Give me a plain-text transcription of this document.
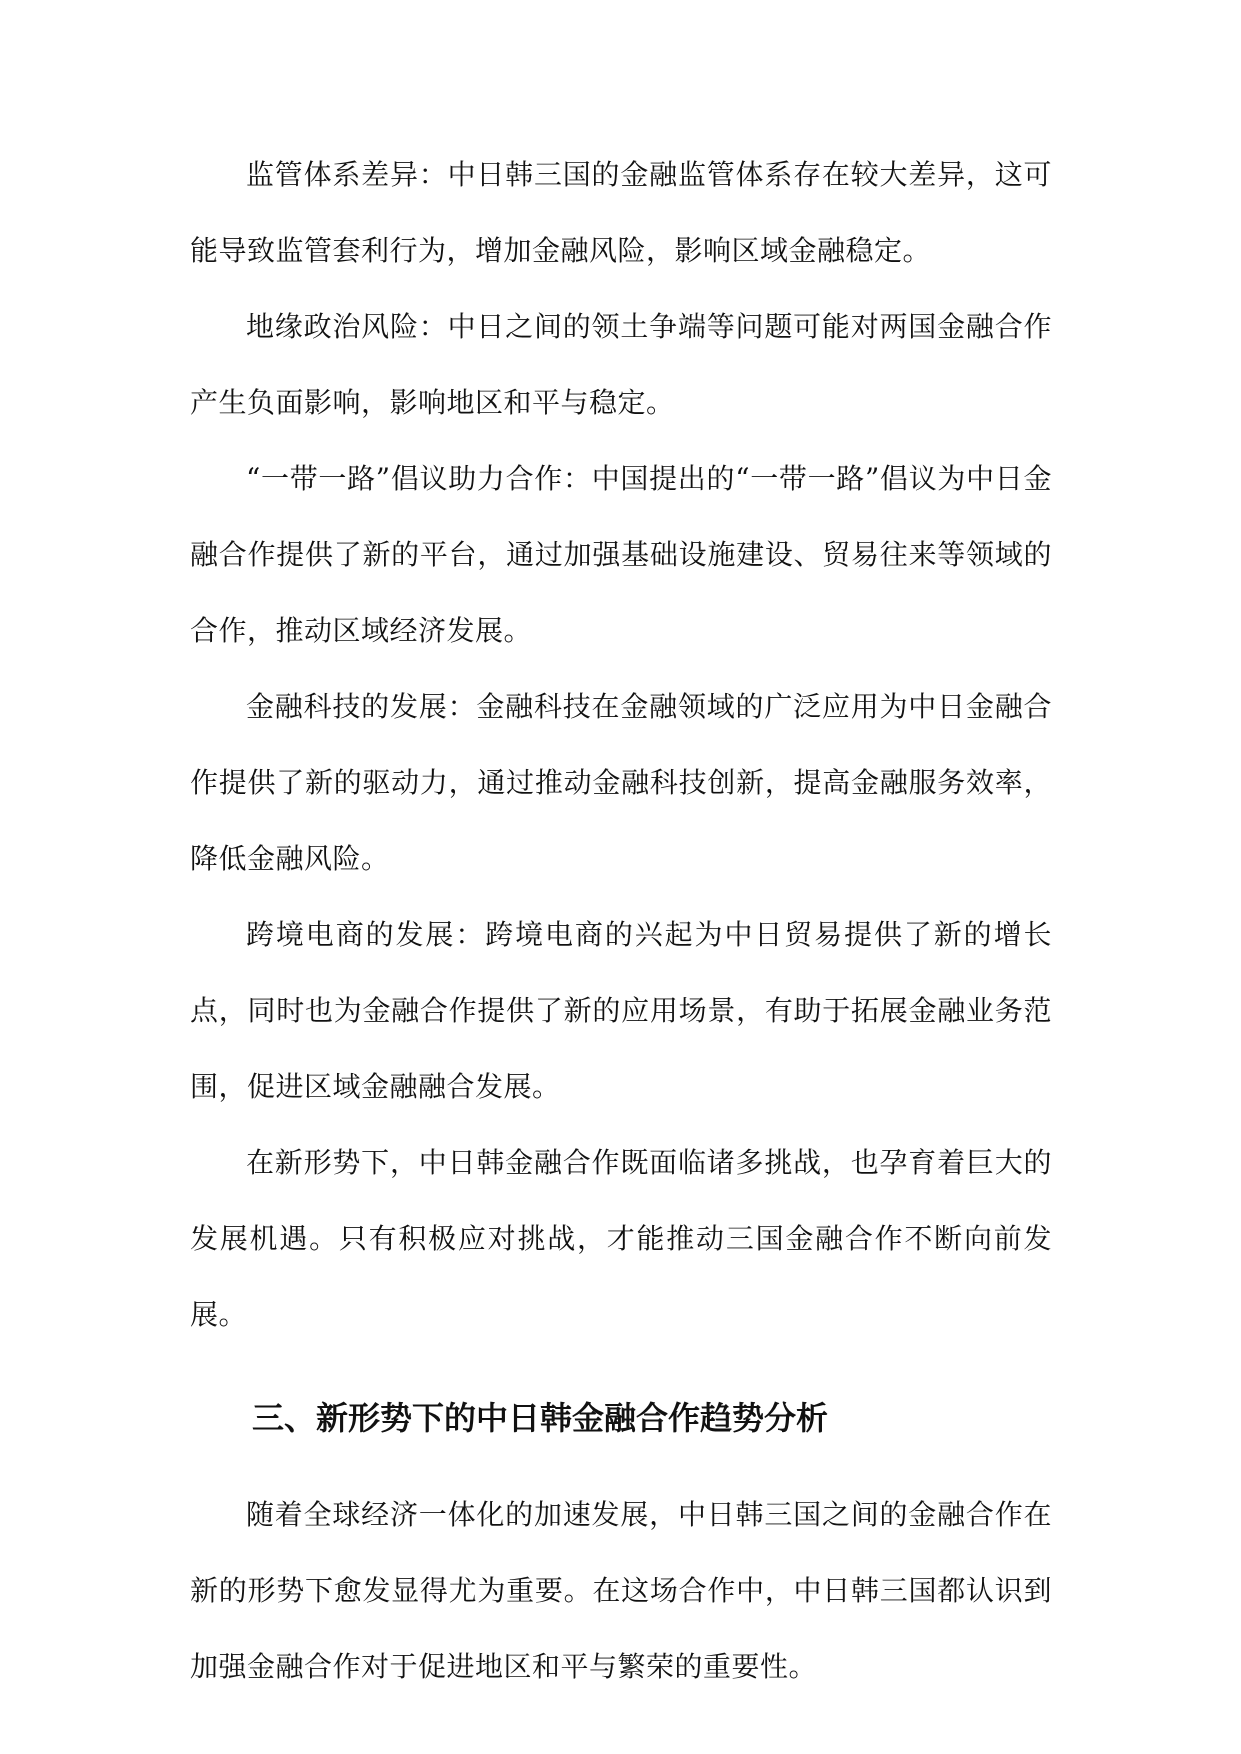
监管体系差异：中日韩三国的金融监管体系存在较大差异，这可能导致监管套利行为，增加金融风险，影响区域金融稳定。

地缘政治风险：中日之间的领土争端等问题可能对两国金融合作产生负面影响，影响地区和平与稳定。

“一带一路”倡议助力合作：中国提出的“一带一路”倡议为中日金融合作提供了新的平台，通过加强基础设施建设、贸易往来等领域的合作，推动区域经济发展。

金融科技的发展：金融科技在金融领域的广泛应用为中日金融合作提供了新的驱动力，通过推动金融科技创新，提高金融服务效率，降低金融风险。

跨境电商的发展：跨境电商的兴起为中日贸易提供了新的增长点，同时也为金融合作提供了新的应用场景，有助于拓展金融业务范围，促进区域金融融合发展。

在新形势下，中日韩金融合作既面临诸多挑战，也孕育着巨大的发展机遇。只有积极应对挑战，才能推动三国金融合作不断向前发展。

三、新形势下的中日韩金融合作趋势分析

随着全球经济一体化的加速发展，中日韩三国之间的金融合作在新的形势下愈发显得尤为重要。在这场合作中，中日韩三国都认识到加强金融合作对于促进地区和平与繁荣的重要性。
